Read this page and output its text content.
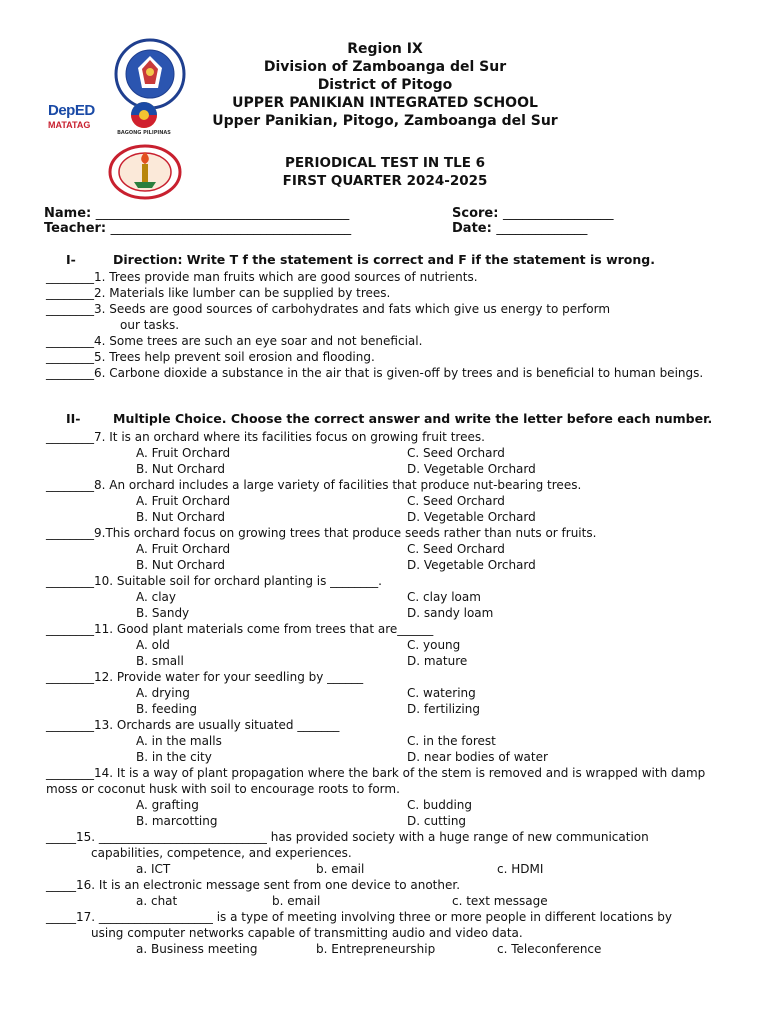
DepED
MATATAG
BAGONG PILIPINAS
Region IX
Division of Zamboanga del Sur
District of Pitogo
UPPER PANIKIAN INTEGRATED SCHOOL
Upper Panikian, Pitogo, Zamboanga del Sur
PERIODICAL TEST IN TLE 6
FIRST QUARTER 2024-2025
Name: _______________________________________	Score: _________________
Teacher: _____________________________________	Date: ______________
I-	Direction: Write T f the statement is correct and F if the statement is wrong.
________1. Trees provide man fruits which are good sources of nutrients.
________2. Materials like lumber can be supplied by trees.
________3. Seeds are good sources of carbohydrates and fats which give us energy to perform
our tasks.
________4. Some trees are such an eye soar and not beneficial.
________5. Trees help prevent soil erosion and flooding.
________6. Carbone dioxide a substance in the air that is given-off by trees and is beneficial to human beings.
II-	Multiple Choice. Choose the correct answer and write the letter before each number.
________7. It is an orchard where its facilities focus on growing fruit trees.
A. Fruit Orchard	C. Seed Orchard
B. Nut Orchard	D. Vegetable Orchard
________8. An orchard includes a large variety of facilities that produce nut-bearing trees.
A. Fruit Orchard	C. Seed Orchard
B. Nut Orchard	D. Vegetable Orchard
________9.This orchard focus on growing trees that produce seeds rather than nuts or fruits.
A. Fruit Orchard	C. Seed Orchard
B. Nut Orchard	D. Vegetable Orchard
________10. Suitable soil for orchard planting is ________.
A. clay	C. clay loam
B. Sandy	D. sandy loam
________11. Good plant materials come from trees that are______
A. old	C. young
B. small	D. mature
________12. Provide water for your seedling by ______
A. drying	C. watering
B. feeding	D. fertilizing
________13. Orchards are usually situated _______
A. in the malls	C. in the forest
B. in the city	D. near bodies of water
________14. It is a way of plant propagation where the bark of the stem is removed and is wrapped with damp
moss or coconut husk with soil to encourage roots to form.
A. grafting	C. budding
B. marcotting	D. cutting
_____15. ____________________________ has provided society with a huge range of new communication
capabilities, competence, and experiences.
a. ICT	b. email	c. HDMI
_____16. It is an electronic message sent from one device to another.
a. chat	b. email	c. text message
_____17. ___________________ is a type of meeting involving three or more people in different locations by
using computer networks capable of transmitting audio and video data.
a. Business meeting	b. Entrepreneurship	c. Teleconference
